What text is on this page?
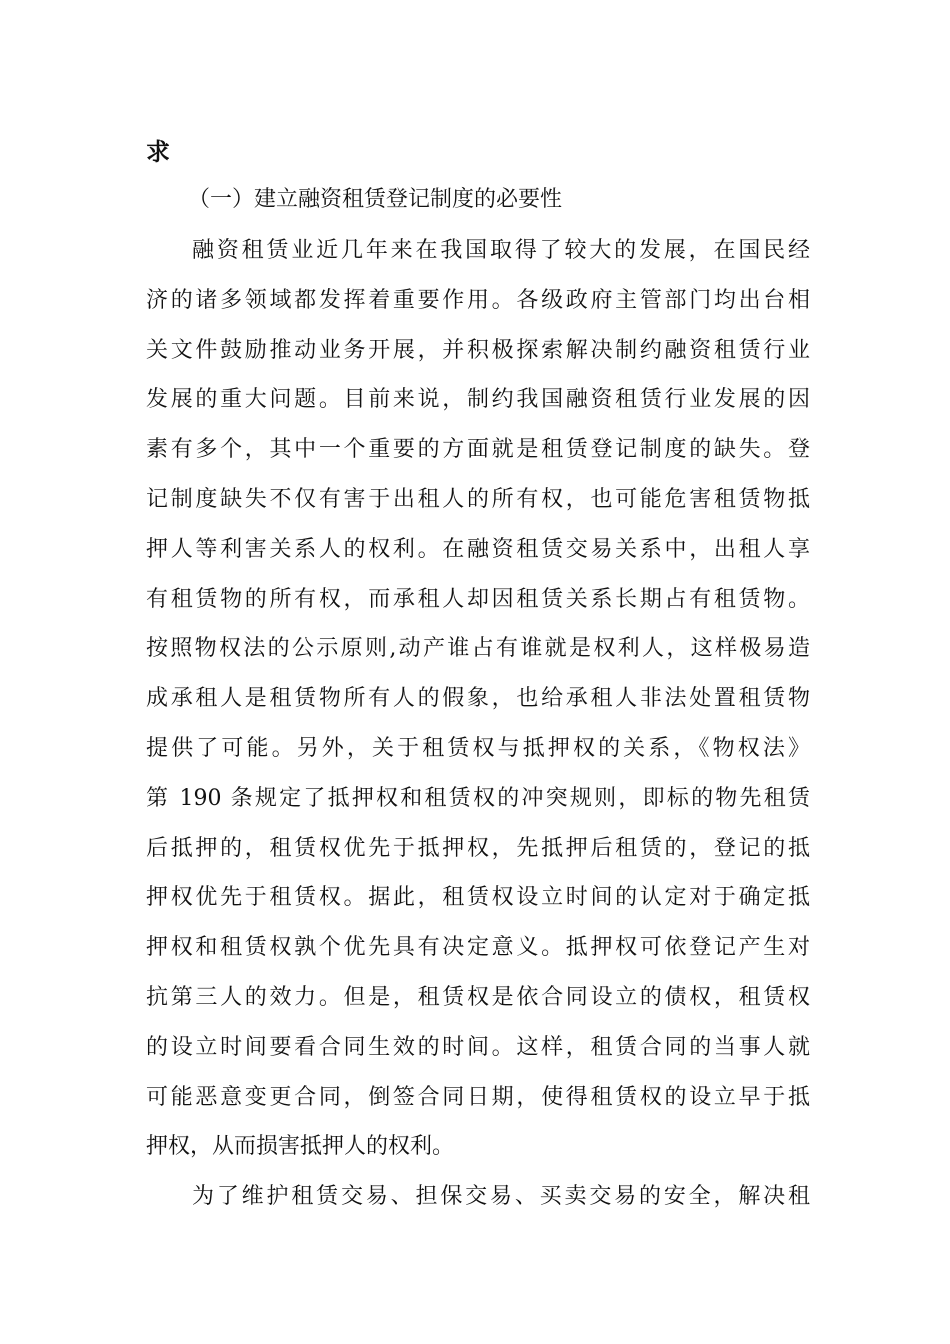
求
（一）建立融资租赁登记制度的必要性
融资租赁业近几年来在我国取得了较大的发展，在国民经
济的诸多领域都发挥着重要作用。各级政府主管部门均出台相
关文件鼓励推动业务开展，并积极探索解决制约融资租赁行业
发展的重大问题。目前来说，制约我国融资租赁行业发展的因
素有多个，其中一个重要的方面就是租赁登记制度的缺失。登
记制度缺失不仅有害于出租人的所有权，也可能危害租赁物抵
押人等利害关系人的权利。在融资租赁交易关系中，出租人享
有租赁物的所有权，而承租人却因租赁关系长期占有租赁物。
按照物权法的公示原则,动产谁占有谁就是权利人，这样极易造
成承租人是租赁物所有人的假象，也给承租人非法处置租赁物
提供了可能。另外，关于租赁权与抵押权的关系，《物权法》
第 190 条规定了抵押权和租赁权的冲突规则，即标的物先租赁
后抵押的，租赁权优先于抵押权，先抵押后租赁的，登记的抵
押权优先于租赁权。据此，租赁权设立时间的认定对于确定抵
押权和租赁权孰个优先具有决定意义。抵押权可依登记产生对
抗第三人的效力。但是，租赁权是依合同设立的债权，租赁权
的设立时间要看合同生效的时间。这样，租赁合同的当事人就
可能恶意变更合同，倒签合同日期，使得租赁权的设立早于抵
押权，从而损害抵押人的权利。
为了维护租赁交易、担保交易、买卖交易的安全，解决租
